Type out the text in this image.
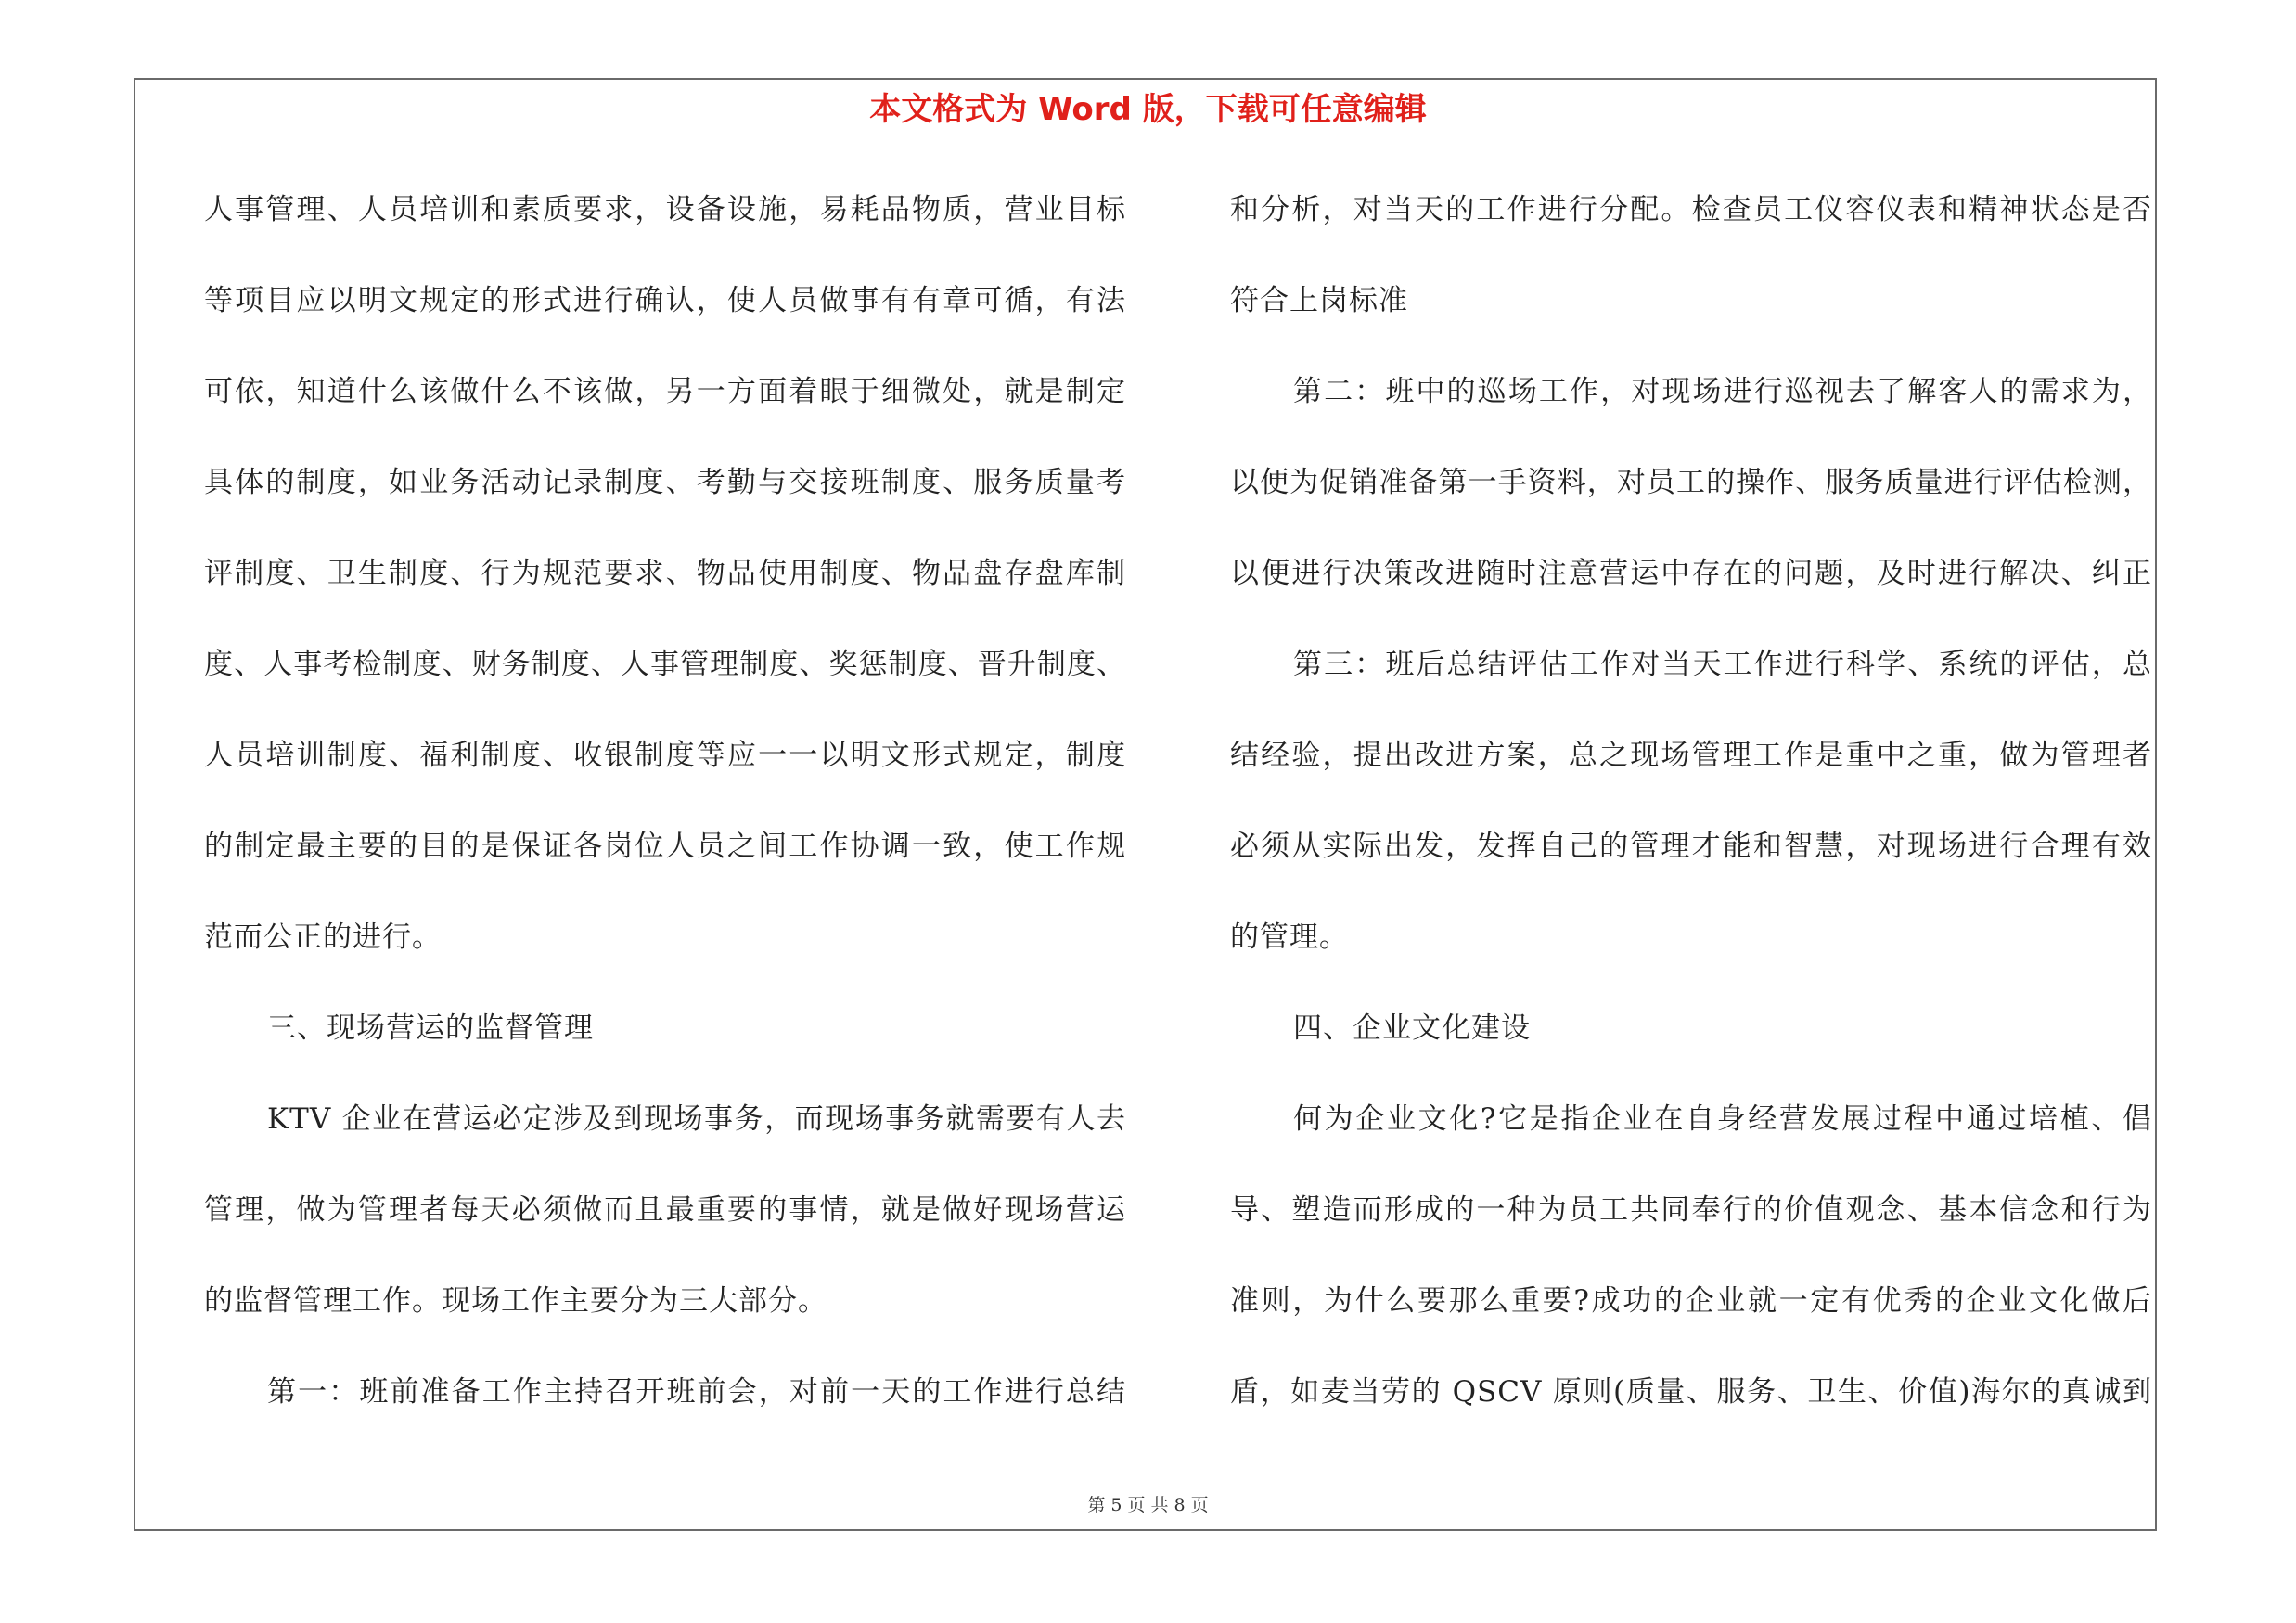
本文格式为 Word 版，下载可任意编辑
人事管理、人员培训和素质要求，设备设施，易耗品物质，营业目标
等项目应以明文规定的形式进行确认，使人员做事有有章可循，有法
可依，知道什么该做什么不该做，另一方面着眼于细微处，就是制定
具体的制度，如业务活动记录制度、考勤与交接班制度、服务质量考
评制度、卫生制度、行为规范要求、物品使用制度、物品盘存盘库制
度、人事考检制度、财务制度、人事管理制度、奖惩制度、晋升制度、
人员培训制度、福利制度、收银制度等应一一以明文形式规定，制度
的制定最主要的目的是保证各岗位人员之间工作协调一致，使工作规
范而公正的进行。
三、现场营运的监督管理
KTV 企业在营运必定涉及到现场事务，而现场事务就需要有人去
管理，做为管理者每天必须做而且最重要的事情，就是做好现场营运
的监督管理工作。现场工作主要分为三大部分。
第一：班前准备工作主持召开班前会，对前一天的工作进行总结
和分析，对当天的工作进行分配。检查员工仪容仪表和精神状态是否
符合上岗标准
第二：班中的巡场工作，对现场进行巡视去了解客人的需求为，
以便为促销准备第一手资料，对员工的操作、服务质量进行评估检测，
以便进行决策改进随时注意营运中存在的问题，及时进行解决、纠正
第三：班后总结评估工作对当天工作进行科学、系统的评估，总
结经验，提出改进方案，总之现场管理工作是重中之重，做为管理者
必须从实际出发，发挥自己的管理才能和智慧，对现场进行合理有效
的管理。
四、企业文化建设
何为企业文化?它是指企业在自身经营发展过程中通过培植、倡
导、塑造而形成的一种为员工共同奉行的价值观念、基本信念和行为
准则，为什么要那么重要?成功的企业就一定有优秀的企业文化做后
盾，如麦当劳的 QSCV 原则(质量、服务、卫生、价值)海尔的真诚到
第 5 页 共 8 页
